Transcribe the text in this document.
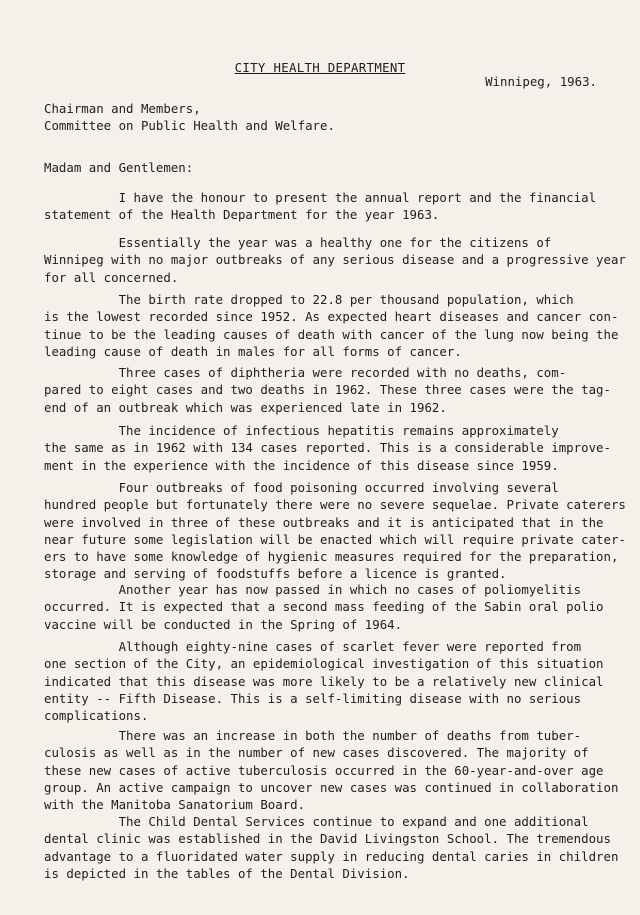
CITY HEALTH DEPARTMENT
Winnipeg, 1963.
Chairman and Members,
Committee on Public Health and Welfare.
Madam and Gentlemen:
I have the honour to present the annual report and the financial
statement of the Health Department for the year 1963.
Essentially the year was a healthy one for the citizens of
Winnipeg with no major outbreaks of any serious disease and a progressive year
for all concerned.
The birth rate dropped to 22.8 per thousand population, which
is the lowest recorded since 1952. As expected heart diseases and cancer con-
tinue to be the leading causes of death with cancer of the lung now being the
leading cause of death in males for all forms of cancer.
Three cases of diphtheria were recorded with no deaths, com-
pared to eight cases and two deaths in 1962. These three cases were the tag-
end of an outbreak which was experienced late in 1962.
The incidence of infectious hepatitis remains approximately
the same as in 1962 with 134 cases reported. This is a considerable improve-
ment in the experience with the incidence of this disease since 1959.
Four outbreaks of food poisoning occurred involving several
hundred people but fortunately there were no severe sequelae. Private caterers
were involved in three of these outbreaks and it is anticipated that in the
near future some legislation will be enacted which will require private cater-
ers to have some knowledge of hygienic measures required for the preparation,
storage and serving of foodstuffs before a licence is granted.
Another year has now passed in which no cases of poliomyelitis
occurred. It is expected that a second mass feeding of the Sabin oral polio
vaccine will be conducted in the Spring of 1964.
Although eighty-nine cases of scarlet fever were reported from
one section of the City, an epidemiological investigation of this situation
indicated that this disease was more likely to be a relatively new clinical
entity -- Fifth Disease. This is a self-limiting disease with no serious
complications.
There was an increase in both the number of deaths from tuber-
culosis as well as in the number of new cases discovered. The majority of
these new cases of active tuberculosis occurred in the 60-year-and-over age
group. An active campaign to uncover new cases was continued in collaboration
with the Manitoba Sanatorium Board.
The Child Dental Services continue to expand and one additional
dental clinic was established in the David Livingston School. The tremendous
advantage to a fluoridated water supply in reducing dental caries in children
is depicted in the tables of the Dental Division.
